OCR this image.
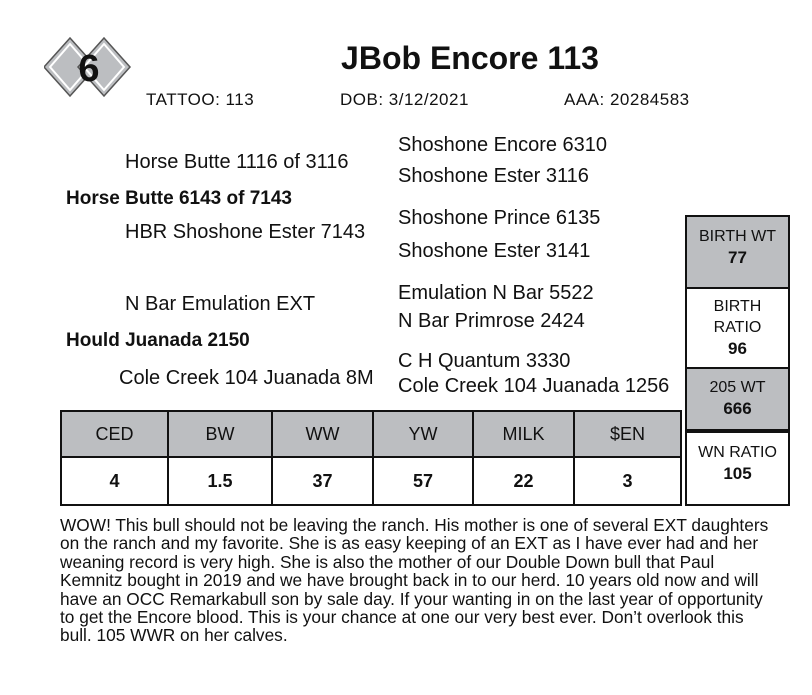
6	JBob Encore 113
TATTOO: 113	DOB: 3/12/2021	AAA: 20284583
Horse Butte 1116 of 3116
Horse Butte 6143 of 7143
HBR Shoshone Ester 7143
Shoshone Encore 6310
Shoshone Ester 3116
Shoshone Prince 6135
Shoshone Ester 3141
N Bar Emulation EXT
Hould Juanada 2150
Cole Creek 104 Juanada 8M
Emulation N Bar 5522
N Bar Primrose 2424
C H Quantum 3330
Cole Creek 104 Juanada 1256
BIRTH WT
77
BIRTH
RATIO
96
205 WT
666
WN RATIO
105
CED	BW	WW	YW	MILK	$EN
4	1.5	37	57	22	3
WOW! This bull should not be leaving the ranch. His mother is one of several EXT daughters on the ranch and my favorite. She is as easy keeping of an EXT as I have ever had and her weaning record is very high. She is also the mother of our Double Down bull that Paul Kemnitz bought in 2019 and we have brought back in to our herd. 10 years old now and will have an OCC Remarkabull son by sale day. If your wanting in on the last year of opportunity to get the Encore blood. This is your chance at one our very best ever. Don’t overlook this bull. 105 WWR on her calves.
